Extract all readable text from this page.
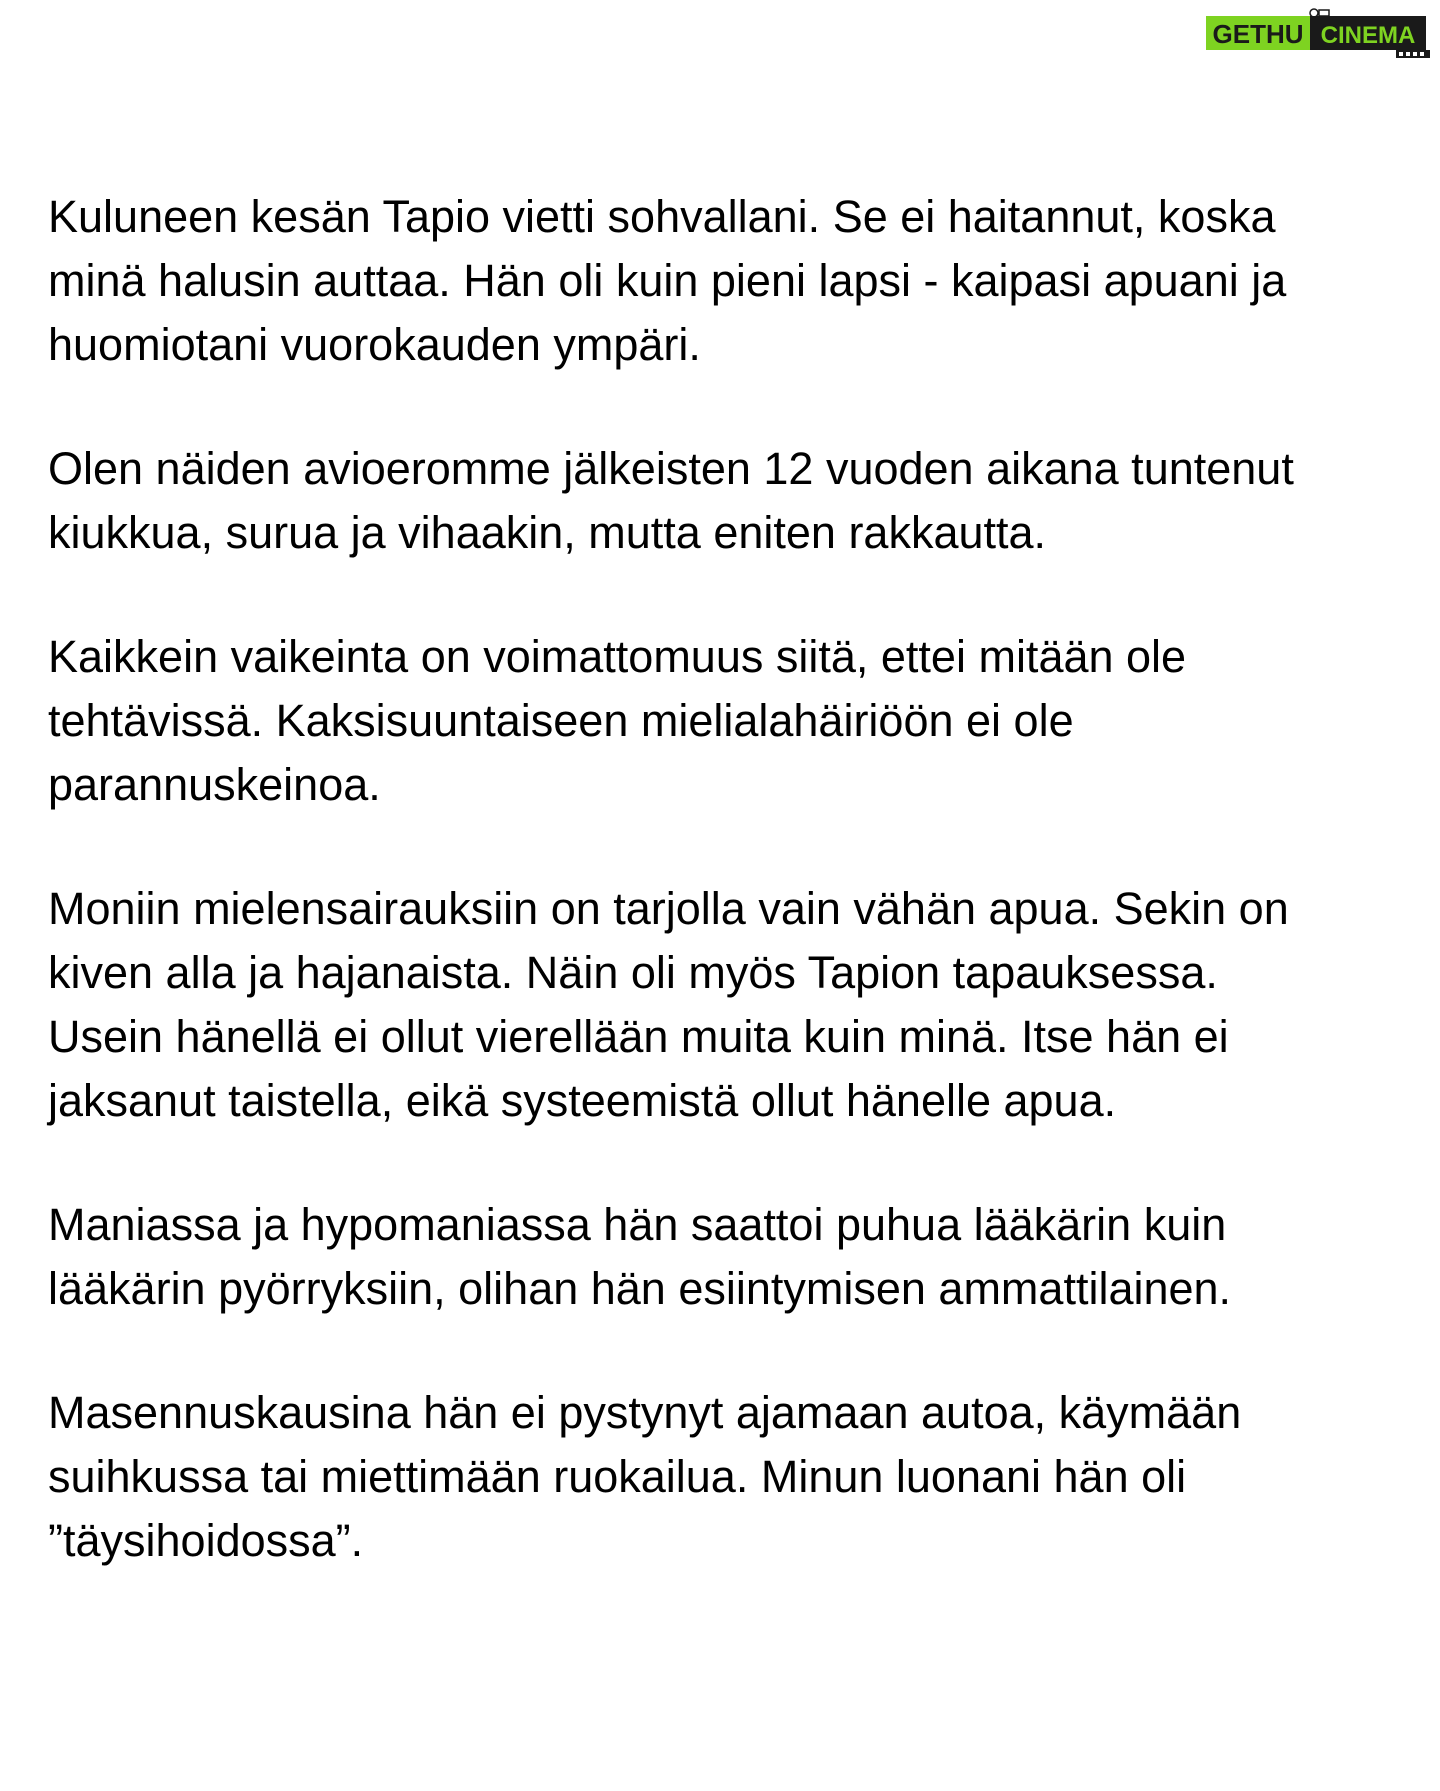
GETHU CINEMA

Kuluneen kesän Tapio vietti sohvallani. Se ei haitannut, koska
minä halusin auttaa. Hän oli kuin pieni lapsi - kaipasi apuani ja
huomiotani vuorokauden ympäri.

Olen näiden avioeromme jälkeisten 12 vuoden aikana tuntenut
kiukkua, surua ja vihaakin, mutta eniten rakkautta.

Kaikkein vaikeinta on voimattomuus siitä, ettei mitään ole
tehtävissä. Kaksisuuntaiseen mielialahäiriöön ei ole
parannuskeinoa.

Moniin mielensairauksiin on tarjolla vain vähän apua. Sekin on
kiven alla ja hajanaista. Näin oli myös Tapion tapauksessa.
Usein hänellä ei ollut vierellään muita kuin minä. Itse hän ei
jaksanut taistella, eikä systeemistä ollut hänelle apua.

Maniassa ja hypomaniassa hän saattoi puhua lääkärin kuin
lääkärin pyörryksiin, olihan hän esiintymisen ammattilainen.

Masennuskausina hän ei pystynyt ajamaan autoa, käymään
suihkussa tai miettimään ruokailua. Minun luonani hän oli
”täysihoidossa”.
